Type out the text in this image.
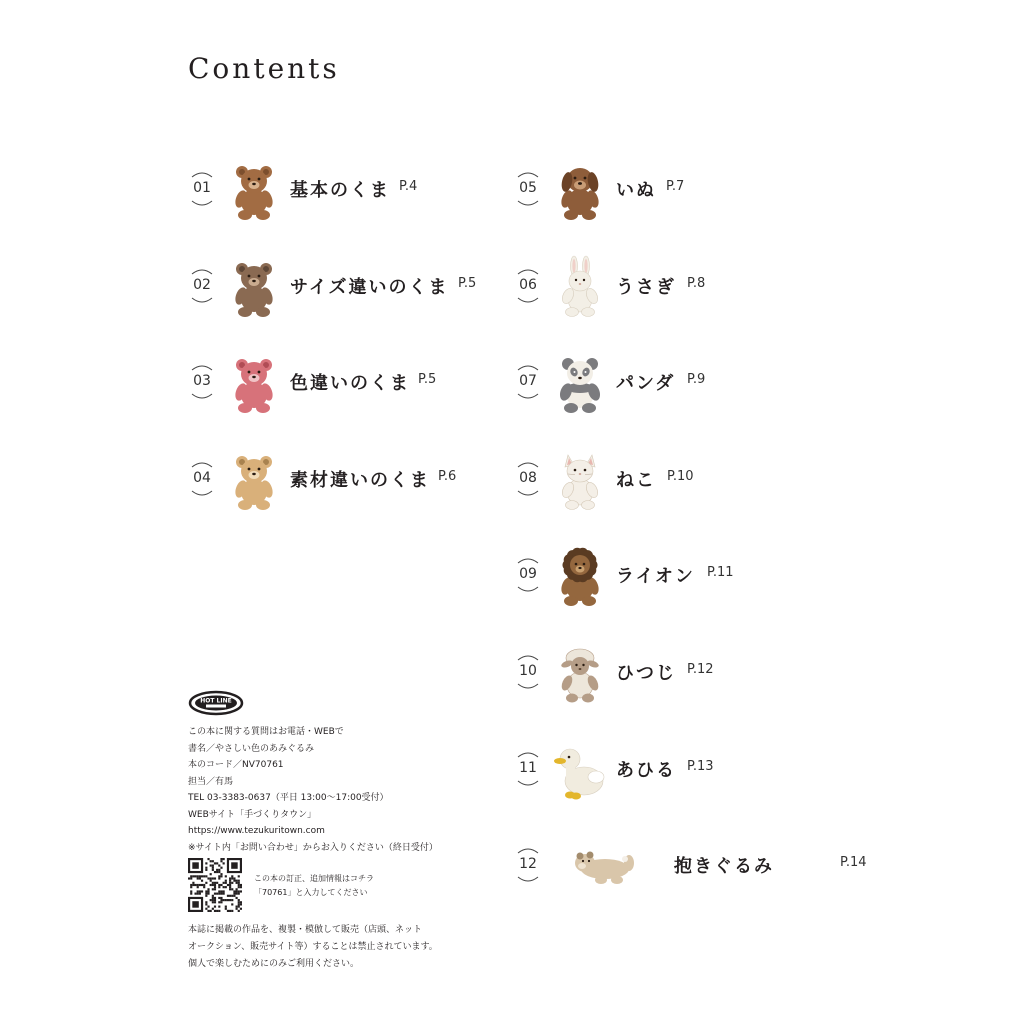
Contents
01	基本のくま P.4
02	サイズ違いのくま P.5
03	色違いのくま P.5
04	素材違いのくま P.6
05	いぬ P.7
06	うさぎ P.8
07	パンダ P.9
08	ねこ P.10
09	ライオン P.11
10	ひつじ P.12
11	あひる P.13
12	抱きぐるみ	P.14
HOT LINE
この本に関する質問はお電話・WEBで
書名／やさしい色のあみぐるみ
本のコード／NV70761
担当／有馬
TEL 03-3383-0637（平日 13:00〜17:00受付）
WEBサイト「手づくりタウン」
https://www.tezukuritown.com
※サイト内「お問い合わせ」からお入りください（終日受付）
この本の訂正、追加情報はコチラ
「70761」と入力してください
本誌に掲載の作品を、複製・模倣して販売（店頭、ネット
オークション、販売サイト等）することは禁止されています。
個人で楽しむためにのみご利用ください。
